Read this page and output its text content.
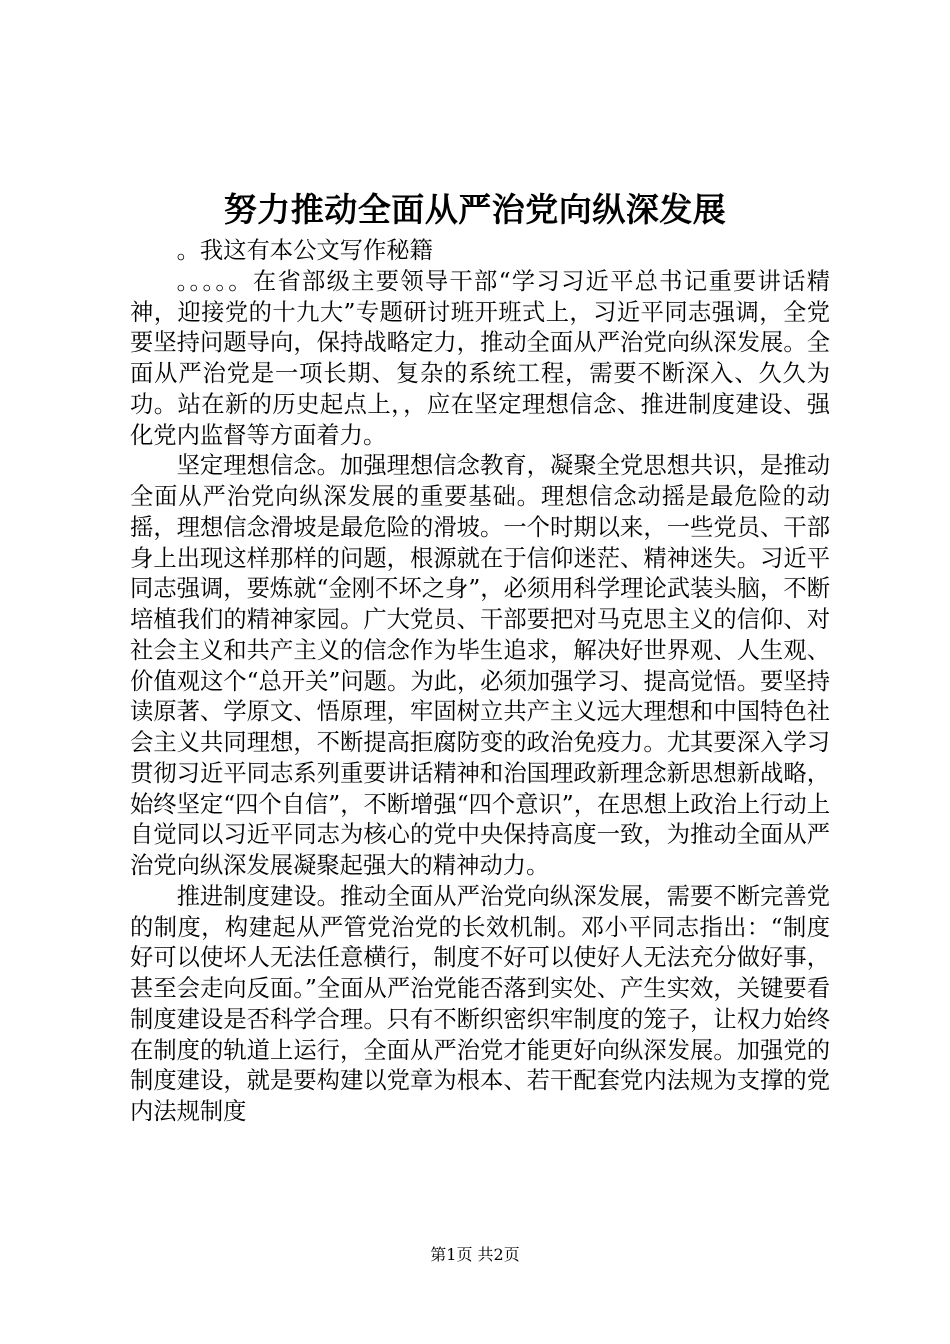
努力推动全面从严治党向纵深发展

。我这有本公文写作秘籍

。。。。。在省部级主要领导干部“学习习近平总书记重要讲话精神，迎接党的十九大”专题研讨班开班式上，习近平同志强调，全党要坚持问题导向，保持战略定力，推动全面从严治党向纵深发展。全面从严治党是一项长期、复杂的系统工程，需要不断深入、久久为功。站在新的历史起点上，，应在坚定理想信念、推进制度建设、强化党内监督等方面着力。

坚定理想信念。加强理想信念教育，凝聚全党思想共识，是推动全面从严治党向纵深发展的重要基础。理想信念动摇是最危险的动摇，理想信念滑坡是最危险的滑坡。一个时期以来，一些党员、干部身上出现这样那样的问题，根源就在于信仰迷茫、精神迷失。习近平同志强调，要炼就“金刚不坏之身”，必须用科学理论武装头脑，不断培植我们的精神家园。广大党员、干部要把对马克思主义的信仰、对社会主义和共产主义的信念作为毕生追求，解决好世界观、人生观、价值观这个“总开关”问题。为此，必须加强学习、提高觉悟。要坚持读原著、学原文、悟原理，牢固树立共产主义远大理想和中国特色社会主义共同理想，不断提高拒腐防变的政治免疫力。尤其要深入学习贯彻习近平同志系列重要讲话精神和治国理政新理念新思想新战略，始终坚定“四个自信”，不断增强“四个意识”，在思想上政治上行动上自觉同以习近平同志为核心的党中央保持高度一致，为推动全面从严治党向纵深发展凝聚起强大的精神动力。

推进制度建设。推动全面从严治党向纵深发展，需要不断完善党的制度，构建起从严管党治党的长效机制。邓小平同志指出：“制度好可以使坏人无法任意横行，制度不好可以使好人无法充分做好事，甚至会走向反面。”全面从严治党能否落到实处、产生实效，关键要看制度建设是否科学合理。只有不断织密织牢制度的笼子，让权力始终在制度的轨道上运行，全面从严治党才能更好向纵深发展。加强党的制度建设，就是要构建以党章为根本、若干配套党内法规为支撑的党内法规制度

第1页 共2页
